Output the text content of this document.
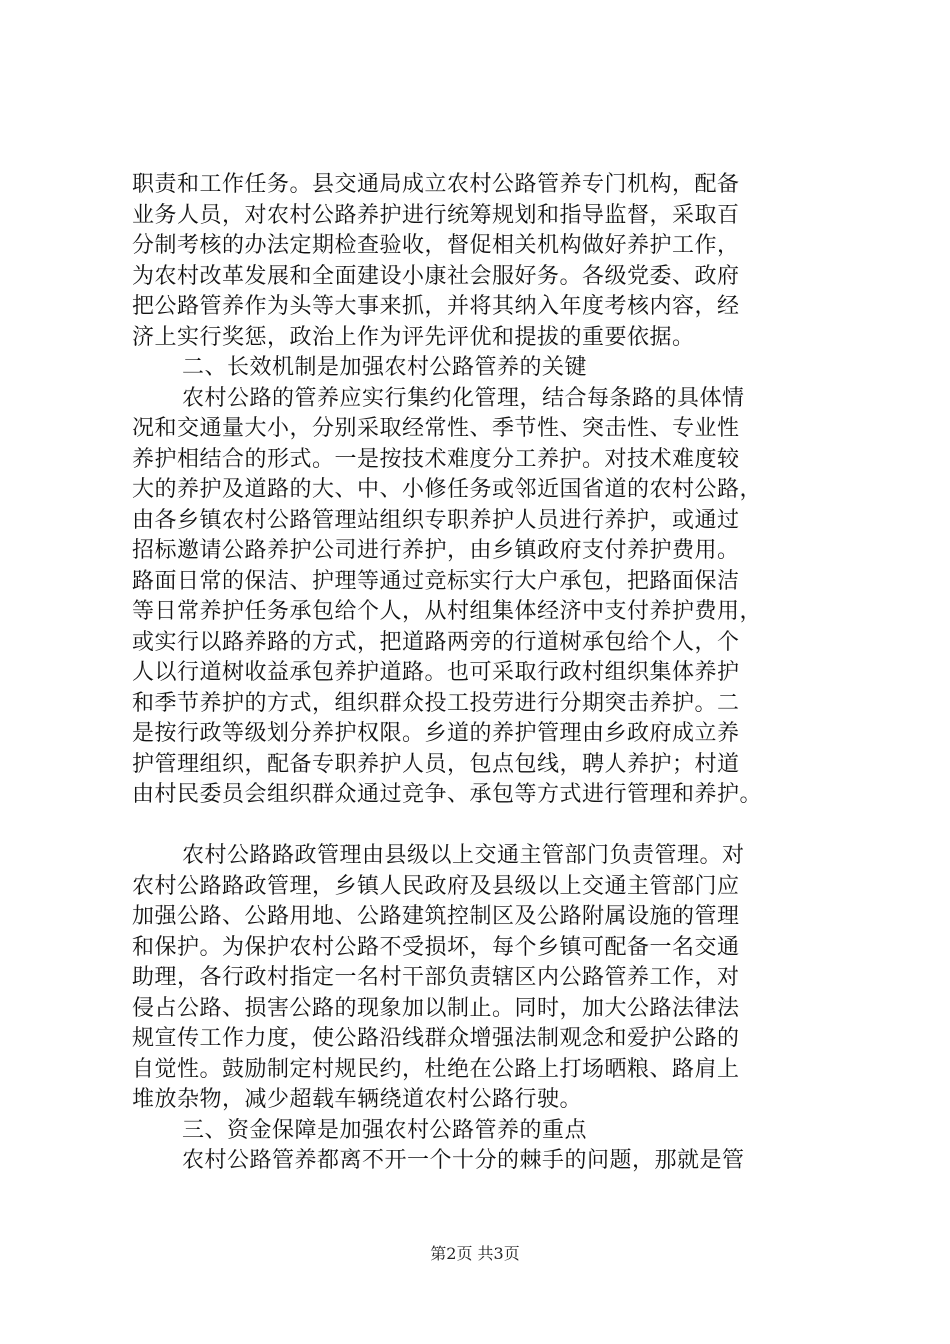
职责和工作任务。县交通局成立农村公路管养专门机构，配备
业务人员，对农村公路养护进行统筹规划和指导监督，采取百
分制考核的办法定期检查验收，督促相关机构做好养护工作，
为农村改革发展和全面建设小康社会服好务。各级党委、政府
把公路管养作为头等大事来抓，并将其纳入年度考核内容，经
济上实行奖惩，政治上作为评先评优和提拔的重要依据。
二、长效机制是加强农村公路管养的关键
农村公路的管养应实行集约化管理，结合每条路的具体情
况和交通量大小，分别采取经常性、季节性、突击性、专业性
养护相结合的形式。一是按技术难度分工养护。对技术难度较
大的养护及道路的大、中、小修任务或邻近国省道的农村公路，
由各乡镇农村公路管理站组织专职养护人员进行养护，或通过
招标邀请公路养护公司进行养护，由乡镇政府支付养护费用。
路面日常的保洁、护理等通过竞标实行大户承包，把路面保洁
等日常养护任务承包给个人，从村组集体经济中支付养护费用，
或实行以路养路的方式，把道路两旁的行道树承包给个人，个
人以行道树收益承包养护道路。也可采取行政村组织集体养护
和季节养护的方式，组织群众投工投劳进行分期突击养护。二
是按行政等级划分养护权限。乡道的养护管理由乡政府成立养
护管理组织，配备专职养护人员，包点包线，聘人养护；村道
由村民委员会组织群众通过竞争、承包等方式进行管理和养护。
农村公路路政管理由县级以上交通主管部门负责管理。对
农村公路路政管理，乡镇人民政府及县级以上交通主管部门应
加强公路、公路用地、公路建筑控制区及公路附属设施的管理
和保护。为保护农村公路不受损坏，每个乡镇可配备一名交通
助理，各行政村指定一名村干部负责辖区内公路管养工作，对
侵占公路、损害公路的现象加以制止。同时，加大公路法律法
规宣传工作力度，使公路沿线群众增强法制观念和爱护公路的
自觉性。鼓励制定村规民约，杜绝在公路上打场晒粮、路肩上
堆放杂物，减少超载车辆绕道农村公路行驶。
三、资金保障是加强农村公路管养的重点
农村公路管养都离不开一个十分的棘手的问题，那就是管
第2页 共3页
